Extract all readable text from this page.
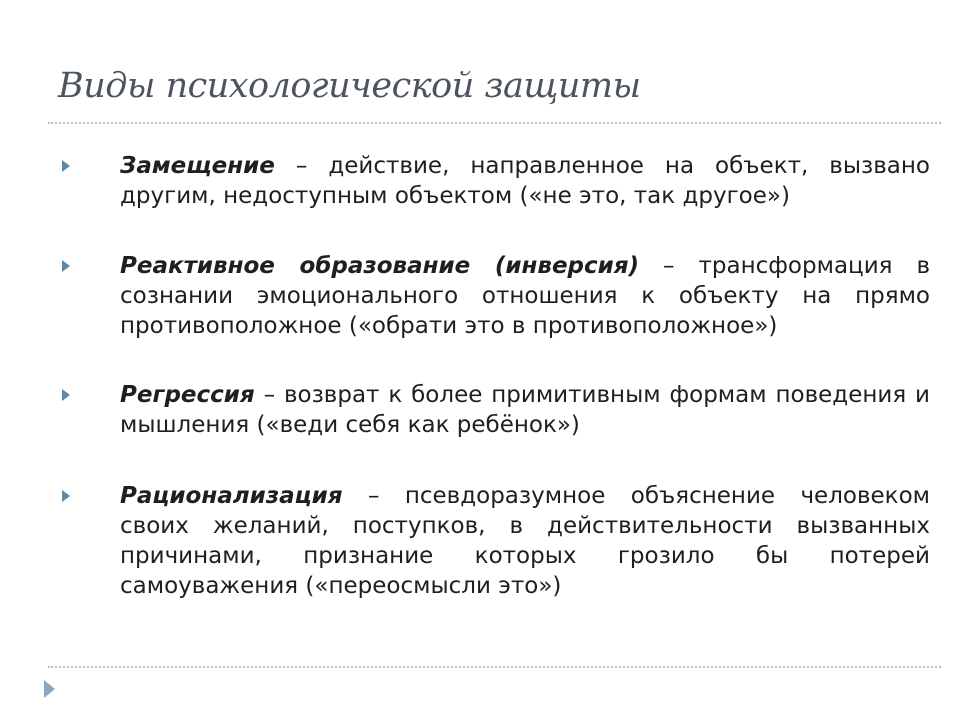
Виды психологической защиты
Замещение – действие, направленное на объект, вызвано другим, недоступным объектом («не это, так другое»)
Реактивное образование (инверсия) – трансформация в сознании эмоционального отношения к объекту на прямо противоположное («обрати это в противоположное»)
Регрессия – возврат к более примитивным формам поведения и мышления («веди себя как ребёнок»)
Рационализация – псевдоразумное объяснение человеком своих желаний, поступков, в действительности вызванных причинами, признание которых грозило бы потерей самоуважения («переосмысли это»)
